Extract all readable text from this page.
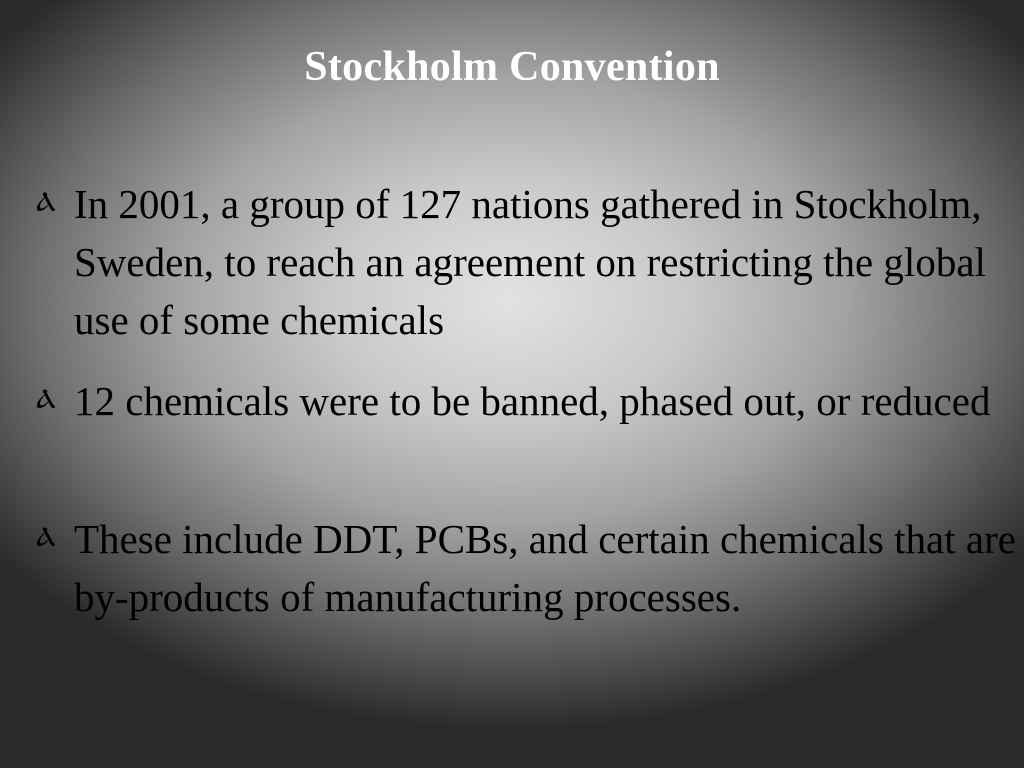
Stockholm Convention
Ⲁ In 2001, a group of 127 nations gathered in Stockholm, Sweden, to reach an agreement on restricting the global use of some chemicals
Ⲁ 12 chemicals were to be banned, phased out, or reduced
Ⲁ These include DDT, PCBs, and certain chemicals that are by-products of manufacturing processes.
